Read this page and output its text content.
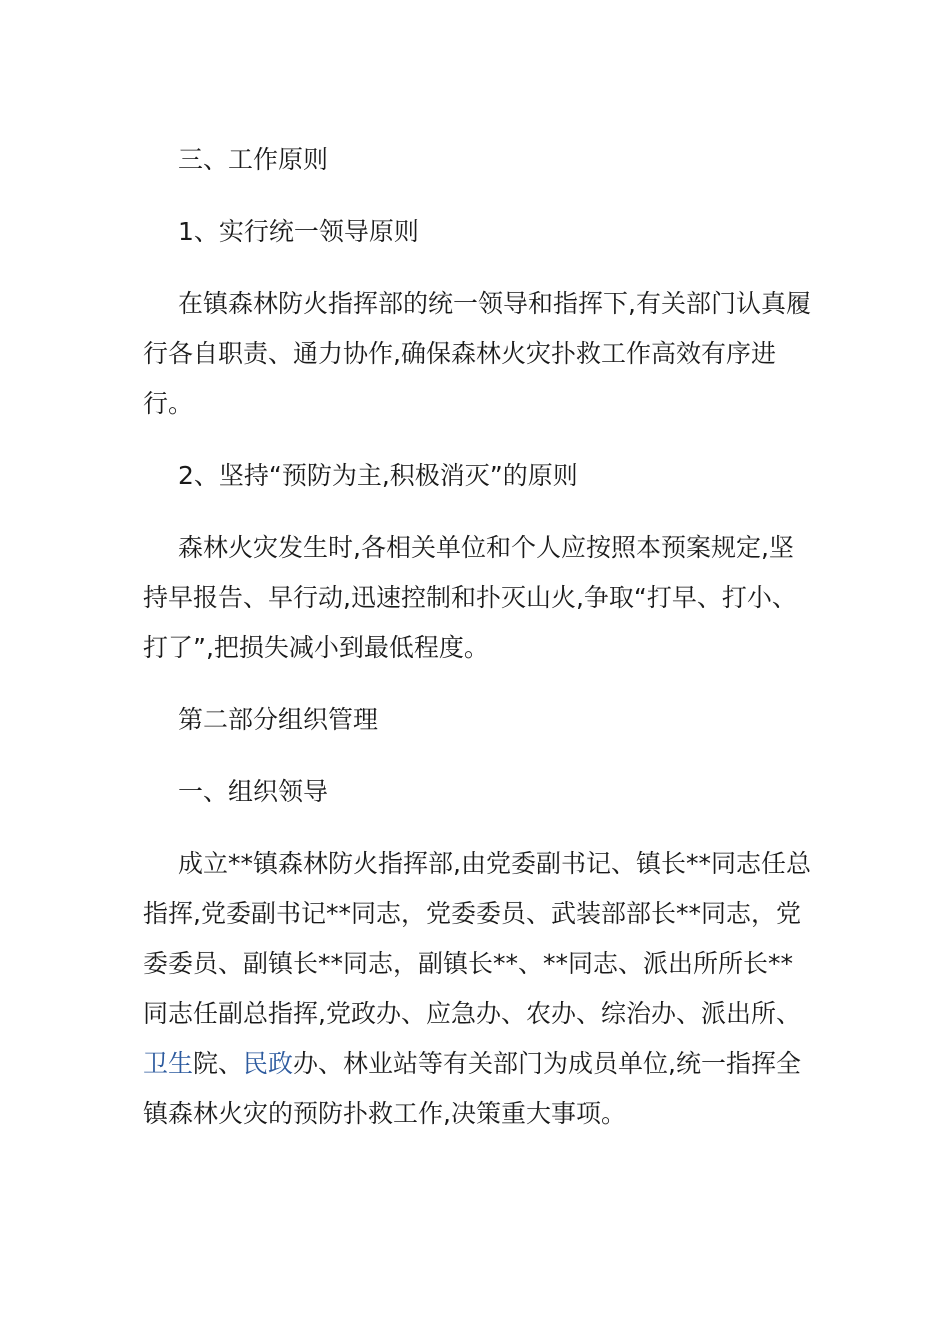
三、工作原则

1、实行统一领导原则

在镇森林防火指挥部的统一领导和指挥下,有关部门认真履行各自职责、通力协作,确保森林火灾扑救工作高效有序进行。

2、坚持“预防为主,积极消灭”的原则

森林火灾发生时,各相关单位和个人应按照本预案规定,坚持早报告、早行动,迅速控制和扑灭山火,争取“打早、打小、打了”,把损失减小到最低程度。

第二部分组织管理

一、组织领导

成立**镇森林防火指挥部,由党委副书记、镇长**同志任总指挥,党委副书记**同志，党委委员、武装部部长**同志，党委委员、副镇长**同志，副镇长**、**同志、派出所所长**同志任副总指挥,党政办、应急办、农办、综治办、派出所、卫生院、民政办、林业站等有关部门为成员单位,统一指挥全镇森林火灾的预防扑救工作,决策重大事项。
